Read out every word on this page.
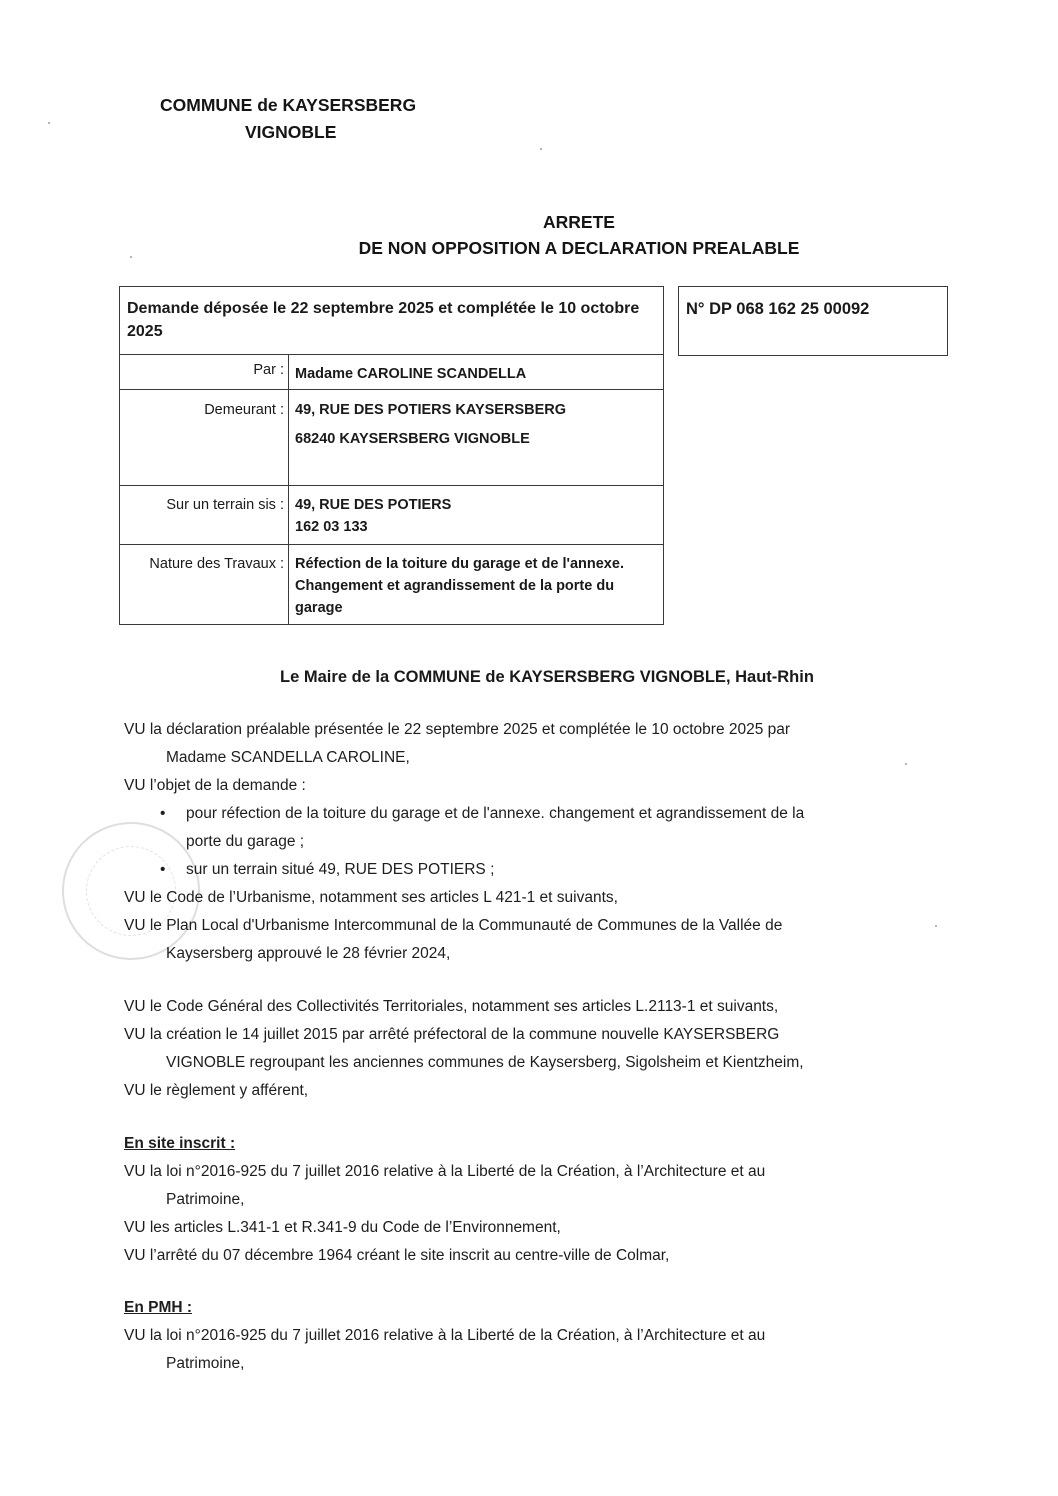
COMMUNE de KAYSERSBERG
VIGNOBLE
ARRETE
DE NON OPPOSITION A DECLARATION PREALABLE
Demande déposée le 22 septembre 2025 et complétée le 10 octobre 2025	
Par :	Madame CAROLINE SCANDELLA

Demeurant :	49, RUE DES POTIERS KAYSERSBERG
68240 KAYSERSBERG VIGNOBLE

Sur un terrain sis :	49, RUE DES POTIERS
162 03 133

Nature des Travaux :	Réfection de la toiture du garage et de l'annexe.
Changement et agrandissement de la porte du
garage
N° DP 068 162 25 00092
Le Maire de la COMMUNE de KAYSERSBERG VIGNOBLE, Haut-Rhin
VU la déclaration préalable présentée le 22 septembre 2025 et complétée le 10 octobre 2025 par
Madame SCANDELLA CAROLINE,
VU l’objet de la demande :
• pour réfection de la toiture du garage et de l'annexe. changement et agrandissement de la
porte du garage ;
• sur un terrain situé 49, RUE DES POTIERS ;
VU le Code de l’Urbanisme, notamment ses articles L 421-1 et suivants,
VU le Plan Local d'Urbanisme Intercommunal de la Communauté de Communes de la Vallée de
Kaysersberg approuvé le 28 février 2024,
VU le Code Général des Collectivités Territoriales, notamment ses articles L.2113-1 et suivants,
VU la création le 14 juillet 2015 par arrêté préfectoral de la commune nouvelle KAYSERSBERG
VIGNOBLE regroupant les anciennes communes de Kaysersberg, Sigolsheim et Kientzheim,
VU le règlement y afférent,
En site inscrit :
VU la loi n°2016-925 du 7 juillet 2016 relative à la Liberté de la Création, à l’Architecture et au
Patrimoine,
VU les articles L.341-1 et R.341-9 du Code de l’Environnement,
VU l’arrêté du 07 décembre 1964 créant le site inscrit au centre-ville de Colmar,
En PMH :
VU la loi n°2016-925 du 7 juillet 2016 relative à la Liberté de la Création, à l’Architecture et au
Patrimoine,
